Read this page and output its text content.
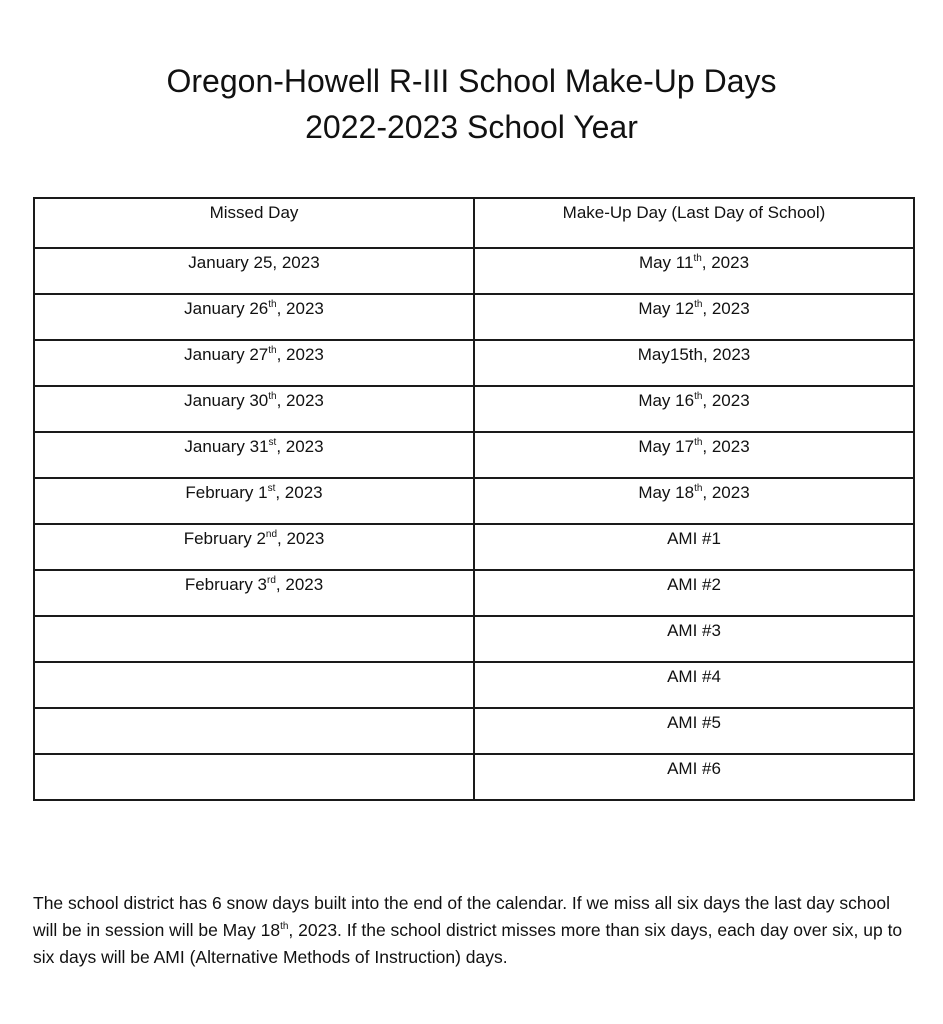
Oregon-Howell R-III School Make-Up Days
2022-2023 School Year
Missed Day	Make-Up Day (Last Day of School)
January 25, 2023	May 11th, 2023
January 26th, 2023	May 12th, 2023
January 27th, 2023	May15th, 2023
January 30th, 2023	May 16th, 2023
January 31st, 2023	May 17th, 2023
February 1st, 2023	May 18th, 2023
February 2nd, 2023	AMI #1
February 3rd, 2023	AMI #2
	AMI #3
	AMI #4
	AMI #5
	AMI #6
The school district has 6 snow days built into the end of the calendar. If we miss all six days the last day school will be in session will be May 18th, 2023. If the school district misses more than six days, each day over six, up to six days will be AMI (Alternative Methods of Instruction) days.
